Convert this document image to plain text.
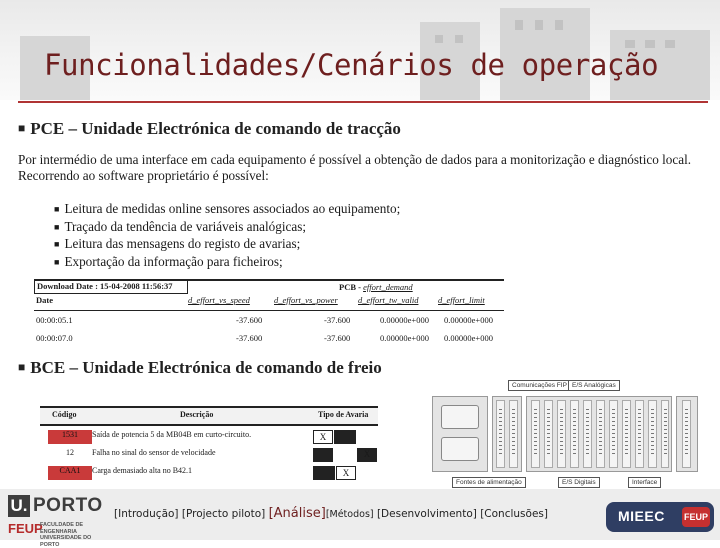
Funcionalidades/Cenários de operação
■ PCE – Unidade Electrónica de comando de tracção
Por intermédio de uma interface em cada equipamento é possível a obtenção de dados para a monitorização e diagnóstico local. Recorrendo ao software proprietário é possível:
■ Leitura de medidas online sensores associados ao equipamento;
■ Traçado da tendência de variáveis analógicas;
■ Leitura das mensagens do registo de avarias;
■ Exportação da informação para ficheiros;
Download Date : 15-04-2008 11:56:37	PCB - effort_demand
Date	d_effort_vs_speed	d_effort_vs_power d_effort_tw_valid d_effort_limit
00:00:05.1	-37.600	-37.600	0.00000e+000 0.00000e+000
00:00:07.0	-37.600	-37.600	0.00000e+000 0.00000e+000
■ BCE – Unidade Electrónica de comando de freio
Código	Descrição	Tipo de Avaria
1531	Saída de potencia 5 da MB04B em curto-circuito.	X
12	Falha no sinal do sensor de velocidade	X
CAA1	Carga demasiado alta no B42.1	X
Comunicações FIP E/S Analógicas
Fontes de alimentação	E/S Digitais	Interface
U. PORTO
FEUP
FACULDADE DE ENGENHARIA
UNIVERSIDADE DO PORTO
[Introdução] [Projecto piloto] [Análise][Métodos] [Desenvolvimento] [Conclusões]	MIEEC FEUP
